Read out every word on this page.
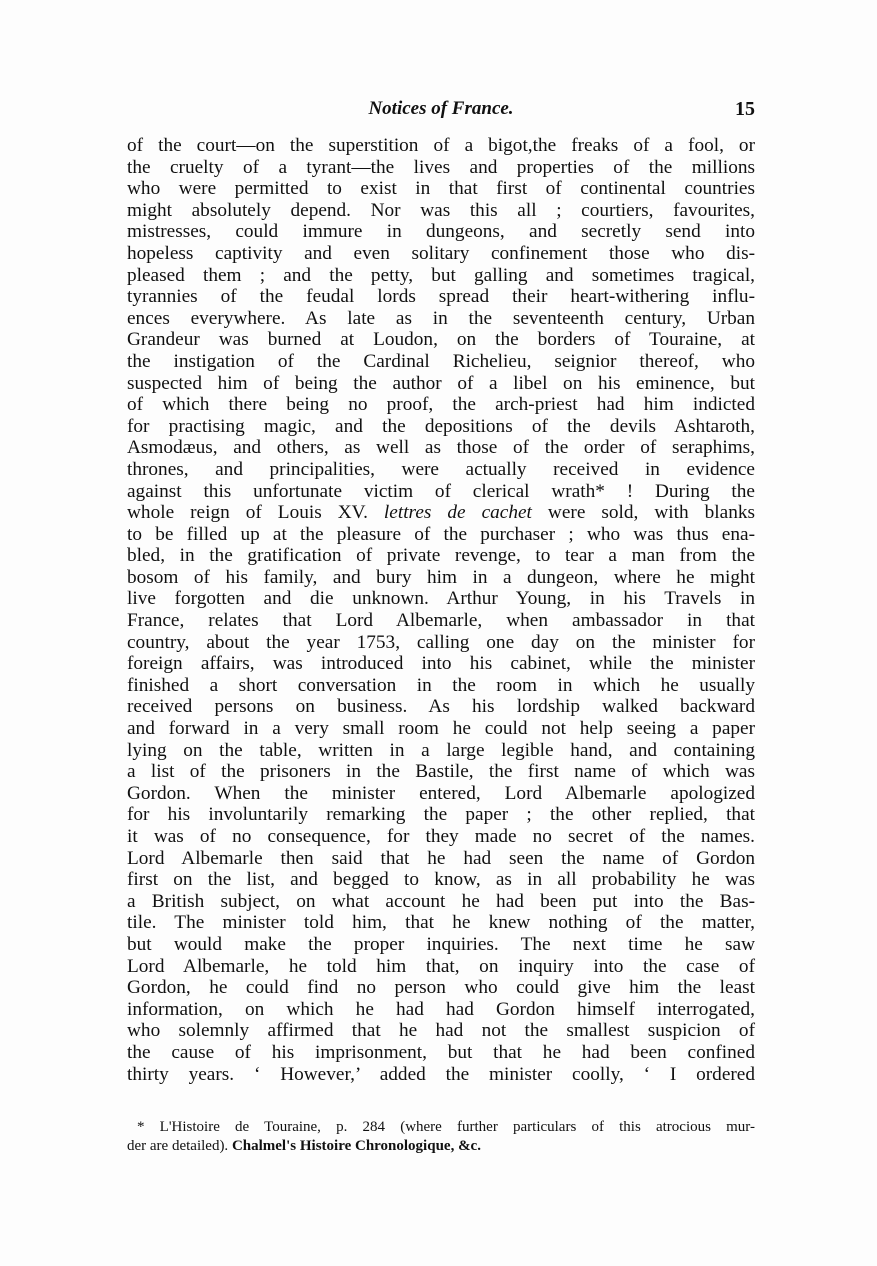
Notices of France.	15
of the court—on the superstition of a bigot,the freaks of a fool, or
the cruelty of a tyrant—the lives and properties of the millions
who were permitted to exist in that first of continental countries
might absolutely depend. Nor was this all ; courtiers, favourites,
mistresses, could immure in dungeons, and secretly send into
hopeless captivity and even solitary confinement those who dis-
pleased them ; and the petty, but galling and sometimes tragical,
tyrannies of the feudal lords spread their heart-withering influ-
ences everywhere. As late as in the seventeenth century, Urban
Grandeur was burned at Loudon, on the borders of Touraine, at
the instigation of the Cardinal Richelieu, seignior thereof, who
suspected him of being the author of a libel on his eminence, but
of which there being no proof, the arch-priest had him indicted
for practising magic, and the depositions of the devils Ashtaroth,
Asmodæus, and others, as well as those of the order of seraphims,
thrones, and principalities, were actually received in evidence
against this unfortunate victim of clerical wrath* ! During the
whole reign of Louis XV. lettres de cachet were sold, with blanks
to be filled up at the pleasure of the purchaser ; who was thus ena-
bled, in the gratification of private revenge, to tear a man from the
bosom of his family, and bury him in a dungeon, where he might
live forgotten and die unknown. Arthur Young, in his Travels in
France, relates that Lord Albemarle, when ambassador in that
country, about the year 1753, calling one day on the minister for
foreign affairs, was introduced into his cabinet, while the minister
finished a short conversation in the room in which he usually
received persons on business. As his lordship walked backward
and forward in a very small room he could not help seeing a paper
lying on the table, written in a large legible hand, and containing
a list of the prisoners in the Bastile, the first name of which was
Gordon. When the minister entered, Lord Albemarle apologized
for his involuntarily remarking the paper ; the other replied, that
it was of no consequence, for they made no secret of the names.
Lord Albemarle then said that he had seen the name of Gordon
first on the list, and begged to know, as in all probability he was
a British subject, on what account he had been put into the Bas-
tile. The minister told him, that he knew nothing of the matter,
but would make the proper inquiries. The next time he saw
Lord Albemarle, he told him that, on inquiry into the case of
Gordon, he could find no person who could give him the least
information, on which he had had Gordon himself interrogated,
who solemnly affirmed that he had not the smallest suspicion of
the cause of his imprisonment, but that he had been confined
thirty years. ‘ However,’ added the minister coolly, ‘ I ordered
* L'Histoire de Touraine, p. 284 (where further particulars of this atrocious mur-
der are detailed). Chalmel's Histoire Chronologique, &c.
